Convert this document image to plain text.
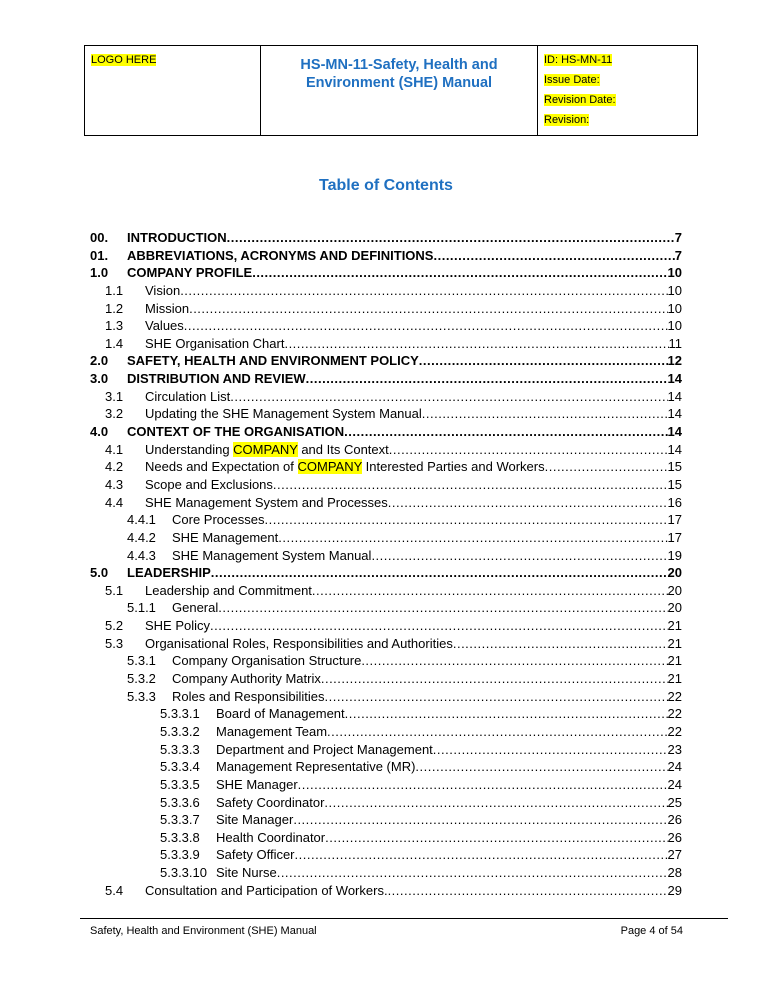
LOGO HERE	HS-MN-11-Safety, Health and
Environment (SHE) Manual
ID: HS-MN-11
Issue Date:
Revision Date:
Revision:
Table of Contents
00.	INTRODUCTION .....	7
01.	ABBREVIATIONS, ACRONYMS AND DEFINITIONS .....	7
1.0	COMPANY PROFILE .....	10
1.1	Vision .....	10
1.2	Mission .....	10
1.3	Values .....	10
1.4	SHE Organisation Chart .....	11
2.0	SAFETY, HEALTH AND ENVIRONMENT POLICY .....	12
3.0	DISTRIBUTION AND REVIEW .....	14
3.1	Circulation List .....	14
3.2	Updating the SHE Management System Manual .....	14
4.0	CONTEXT OF THE ORGANISATION .....	14
4.1	Understanding COMPANY and Its Context .....	14
4.2	Needs and Expectation of COMPANY Interested Parties and Workers .....	15
4.3	Scope and Exclusions .....	15
4.4	SHE Management System and Processes .....	16
4.4.1	Core Processes .....	17
4.4.2	SHE Management .....	17
4.4.3	SHE Management System Manual .....	19
5.0	LEADERSHIP .....	20
5.1	Leadership and Commitment .....	20
5.1.1	General .....	20
5.2	SHE Policy .....	21
5.3	Organisational Roles, Responsibilities and Authorities .....	21
5.3.1	Company Organisation Structure .....	21
5.3.2	Company Authority Matrix .....	21
5.3.3	Roles and Responsibilities .....	22
5.3.3.1	Board of Management .....	22
5.3.3.2	Management Team .....	22
5.3.3.3	Department and Project Management .....	23
5.3.3.4	Management Representative (MR) .....	24
5.3.3.5	SHE Manager .....	24
5.3.3.6	Safety Coordinator .....	25
5.3.3.7	Site Manager .....	26
5.3.3.8	Health Coordinator .....	26
5.3.3.9	Safety Officer .....	27
5.3.3.10 Site Nurse .....	28
5.4	Consultation and Participation of Workers. .....	29
Safety, Health and Environment (SHE) Manual	Page 4 of 54
